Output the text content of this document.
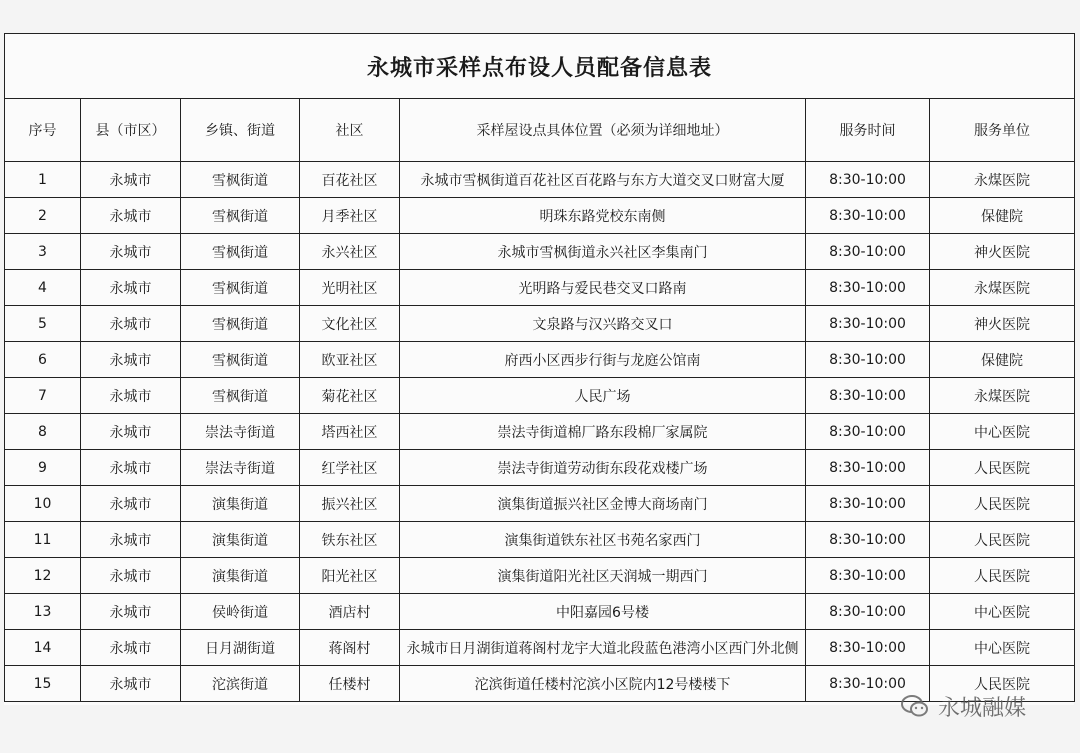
永城市采样点布设人员配备信息表						
序号	县（市区）	乡镇、街道	社区	采样屋设点具体位置（必须为详细地址）	服务时间	服务单位
1	永城市	雪枫街道	百花社区	永城市雪枫街道百花社区百花路与东方大道交叉口财富大厦	8:30-10:00	永煤医院
2	永城市	雪枫街道	月季社区	明珠东路党校东南侧	8:30-10:00	保健院
3	永城市	雪枫街道	永兴社区	永城市雪枫街道永兴社区李集南门	8:30-10:00	神火医院
4	永城市	雪枫街道	光明社区	光明路与爱民巷交叉口路南	8:30-10:00	永煤医院
5	永城市	雪枫街道	文化社区	文泉路与汉兴路交叉口	8:30-10:00	神火医院
6	永城市	雪枫街道	欧亚社区	府西小区西步行街与龙庭公馆南	8:30-10:00	保健院
7	永城市	雪枫街道	菊花社区	人民广场	8:30-10:00	永煤医院
8	永城市	崇法寺街道	塔西社区	崇法寺街道棉厂路东段棉厂家属院	8:30-10:00	中心医院
9	永城市	崇法寺街道	红学社区	崇法寺街道劳动街东段花戏楼广场	8:30-10:00	人民医院
10	永城市	演集街道	振兴社区	演集街道振兴社区金博大商场南门	8:30-10:00	人民医院
11	永城市	演集街道	铁东社区	演集街道铁东社区书苑名家西门	8:30-10:00	人民医院
12	永城市	演集街道	阳光社区	演集街道阳光社区天润城一期西门	8:30-10:00	人民医院
13	永城市	侯岭街道	酒店村	中阳嘉园6号楼	8:30-10:00	中心医院
14	永城市	日月湖街道	蒋阁村	永城市日月湖街道蒋阁村龙宇大道北段蓝色港湾小区西门外北侧	8:30-10:00	中心医院
15	永城市	沱滨街道	任楼村	沱滨街道任楼村沱滨小区院内12号楼楼下	8:30-10:00	人民医院
永城融媒
